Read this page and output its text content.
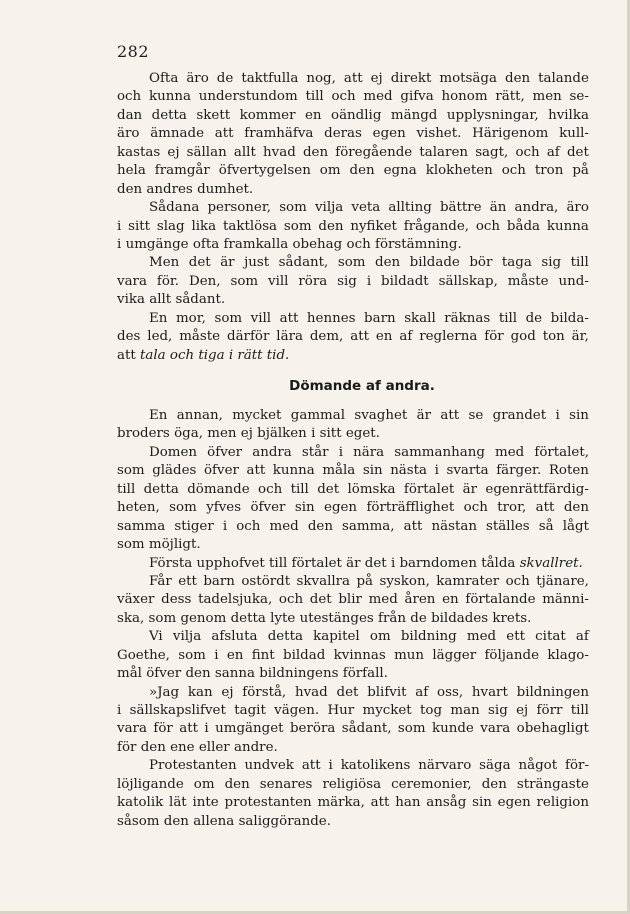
282
Ofta äro de taktfulla nog, att ej direkt motsäga den talande
och kunna understundom till och med gifva honom rätt, men se-
dan detta skett kommer en oändlig mängd upplysningar, hvilka
äro ämnade att framhäfva deras egen vishet. Härigenom kull-
kastas ej sällan allt hvad den föregående talaren sagt, och af det
hela framgår öfvertygelsen om den egna klokheten och tron på
den andres dumhet.
Sådana personer, som vilja veta allting bättre än andra, äro
i sitt slag lika taktlösa som den nyfiket frågande, och båda kunna
i umgänge ofta framkalla obehag och förstämning.
Men det är just sådant, som den bildade bör taga sig till
vara för. Den, som vill röra sig i bildadt sällskap, måste und-
vika allt sådant.
En mor, som vill att hennes barn skall räknas till de bilda-
des led, måste därför lära dem, att en af reglerna för god ton är,
att tala och tiga i rätt tid.
Dömande af andra.
En annan, mycket gammal svaghet är att se grandet i sin
broders öga, men ej bjälken i sitt eget.
Domen öfver andra står i nära sammanhang med förtalet,
som glädes öfver att kunna måla sin nästa i svarta färger. Roten
till detta dömande och till det lömska förtalet är egenrättfärdig-
heten, som yfves öfver sin egen förträfflighet och tror, att den
samma stiger i och med den samma, att nästan ställes så lågt
som möjligt.
Första upphofvet till förtalet är det i barndomen tålda skvallret.
Får ett barn ostördt skvallra på syskon, kamrater och tjänare,
växer dess tadelsjuka, och det blir med åren en förtalande männi-
ska, som genom detta lyte utestänges från de bildades krets.
Vi vilja afsluta detta kapitel om bildning med ett citat af
Goethe, som i en fint bildad kvinnas mun lägger följande klago-
mål öfver den sanna bildningens förfall.
»Jag kan ej förstå, hvad det blifvit af oss, hvart bildningen
i sällskapslifvet tagit vägen. Hur mycket tog man sig ej förr till
vara för att i umgänget beröra sådant, som kunde vara obehagligt
för den ene eller andre.
Protestanten undvek att i katolikens närvaro säga något för-
löjligande om den senares religiösa ceremonier, den strängaste
katolik lät inte protestanten märka, att han ansåg sin egen religion
såsom den allena saliggörande.
